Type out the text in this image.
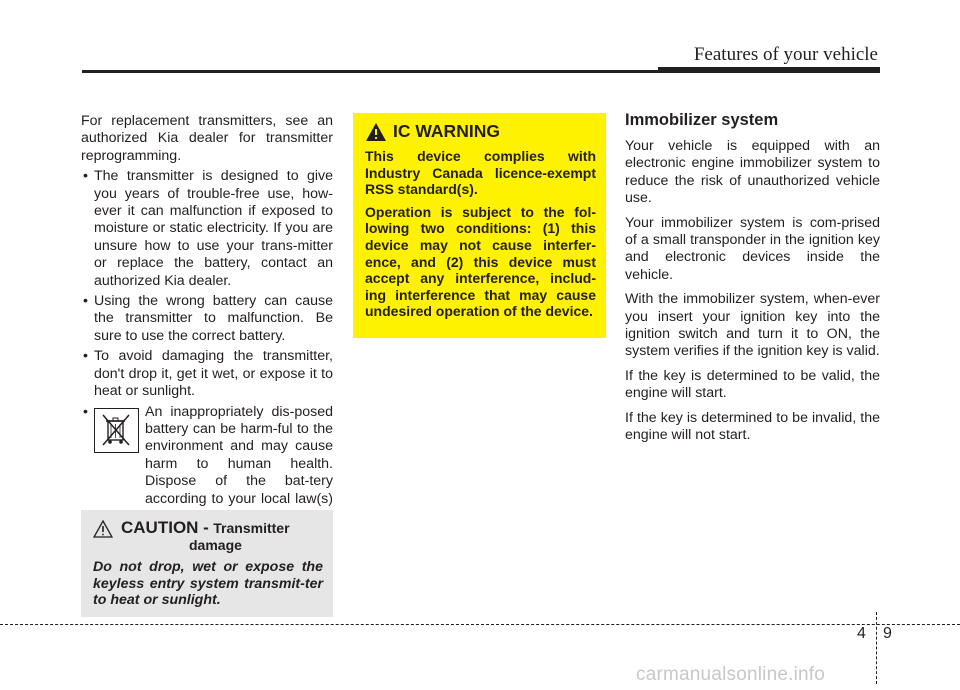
Features of your vehicle

For replacement transmitters, see an authorized Kia dealer for transmitter reprogramming.

• The transmitter is designed to give you years of trouble-free use, how-ever it can malfunction if exposed to moisture or static electricity. If you are unsure how to use your trans-mitter or replace the battery, contact an authorized Kia dealer.
• Using the wrong battery can cause the transmitter to malfunction. Be sure to use the correct battery.
• To avoid damaging the transmitter, don't drop it, get it wet, or expose it to heat or sunlight.
•	An inappropriately dis-posed battery can be harm-ful to the environment and may cause harm to human health. Dispose of the bat-tery according to your local law(s)
CAUTION - Transmitter
damage
Do not drop, wet or expose the keyless entry system transmit-ter to heat or sunlight.
IC WARNING

This device complies with Industry Canada licence-exempt RSS standard(s).

Operation is subject to the fol-lowing two conditions: (1) this device may not cause interfer-ence, and (2) this device must accept any interference, includ-ing interference that may cause undesired operation of the device.

Immobilizer system

Your vehicle is equipped with an electronic engine immobilizer system to reduce the risk of unauthorized vehicle use.

Your immobilizer system is com-prised of a small transponder in the ignition key and electronic devices inside the vehicle.

With the immobilizer system, when-ever you insert your ignition key into the ignition switch and turn it to ON, the system verifies if the ignition key is valid.

If the key is determined to be valid, the engine will start.

If the key is determined to be invalid, the engine will not start.

4 9
carmanualsonline.info
